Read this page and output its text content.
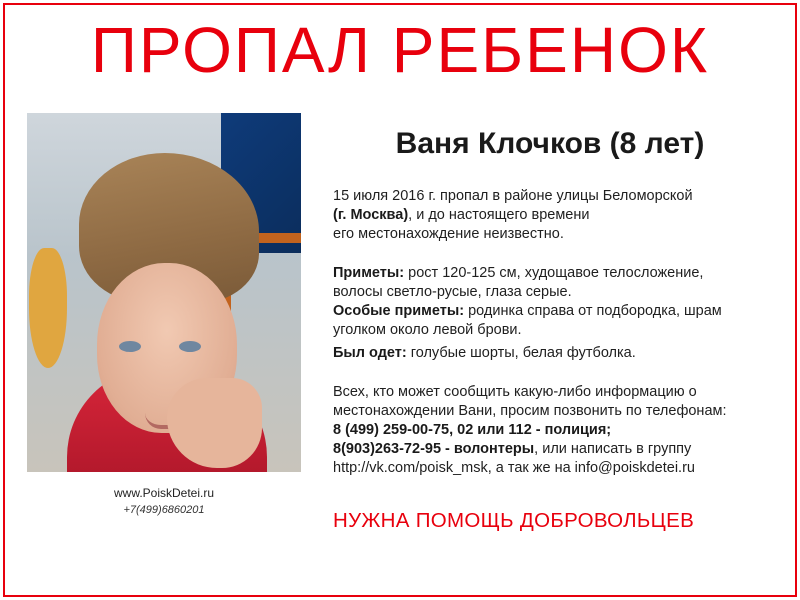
ПРОПАЛ РЕБЕНОК
www.PoiskDetei.ru
+7(499)6860201
Ваня Клочков (8 лет)
15 июля 2016 г. пропал в районе улицы Беломорской
(г. Москва), и до настоящего времени
его местонахождение неизвестно.
Приметы: рост 120-125 см, худощавое телосложение,
волосы светло-русые, глаза серые.
Особые приметы: родинка справа от подбородка, шрам
уголком около левой брови.
Был одет: голубые шорты, белая футболка.
Всех, кто может сообщить какую-либо информацию о
местонахождении Вани, просим позвонить по телефонам:
8 (499) 259-00-75, 02 или 112 - полиция;
8(903)263-72-95 - волонтеры, или написать в группу
http://vk.com/poisk_msk, а так же на info@poiskdetei.ru
НУЖНА ПОМОЩЬ ДОБРОВОЛЬЦЕВ
